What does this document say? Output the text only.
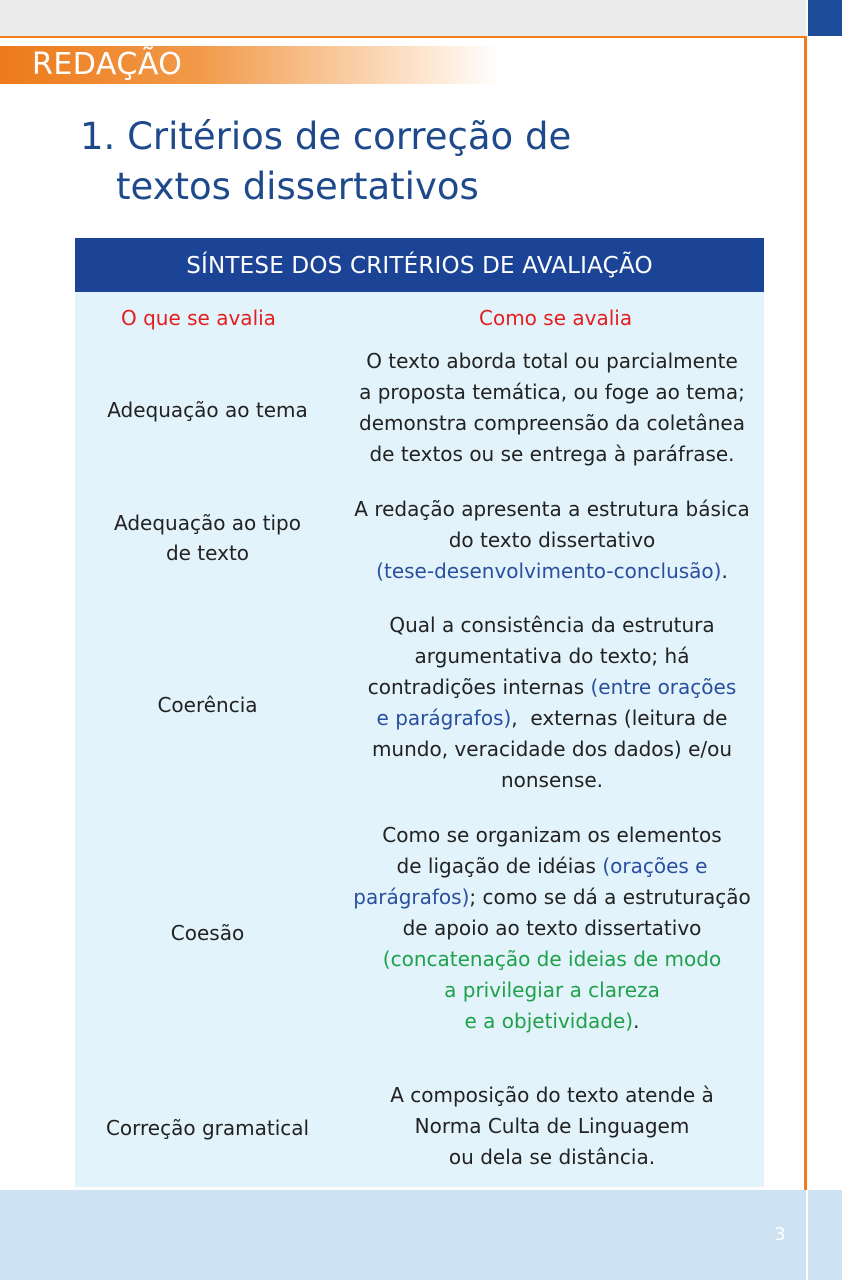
REDAÇÃO
1. Critérios de correção de
textos dissertativos
SÍNTESE DOS CRITÉRIOS DE AVALIAÇÃO
O que se avalia	Como se avalia
Adequação ao tema
O texto aborda total ou parcialmente
a proposta temática, ou foge ao tema;
demonstra compreensão da coletânea
de textos ou se entrega à paráfrase.
Adequação ao tipo
de texto
A redação apresenta a estrutura básica
do texto dissertativo
(tese-desenvolvimento-conclusão).
Coerência
Qual a consistência da estrutura
argumentativa do texto; há
contradições internas (entre orações
e parágrafos),  externas (leitura de
mundo, veracidade dos dados) e/ou
nonsense.
Coesão
Como se organizam os elementos
de ligação de idéias (orações e
parágrafos); como se dá a estruturação
de apoio ao texto dissertativo
(concatenação de ideias de modo
a privilegiar a clareza
e a objetividade).
Correção gramatical
A composição do texto atende à
Norma Culta de Linguagem
ou dela se distância.
3
